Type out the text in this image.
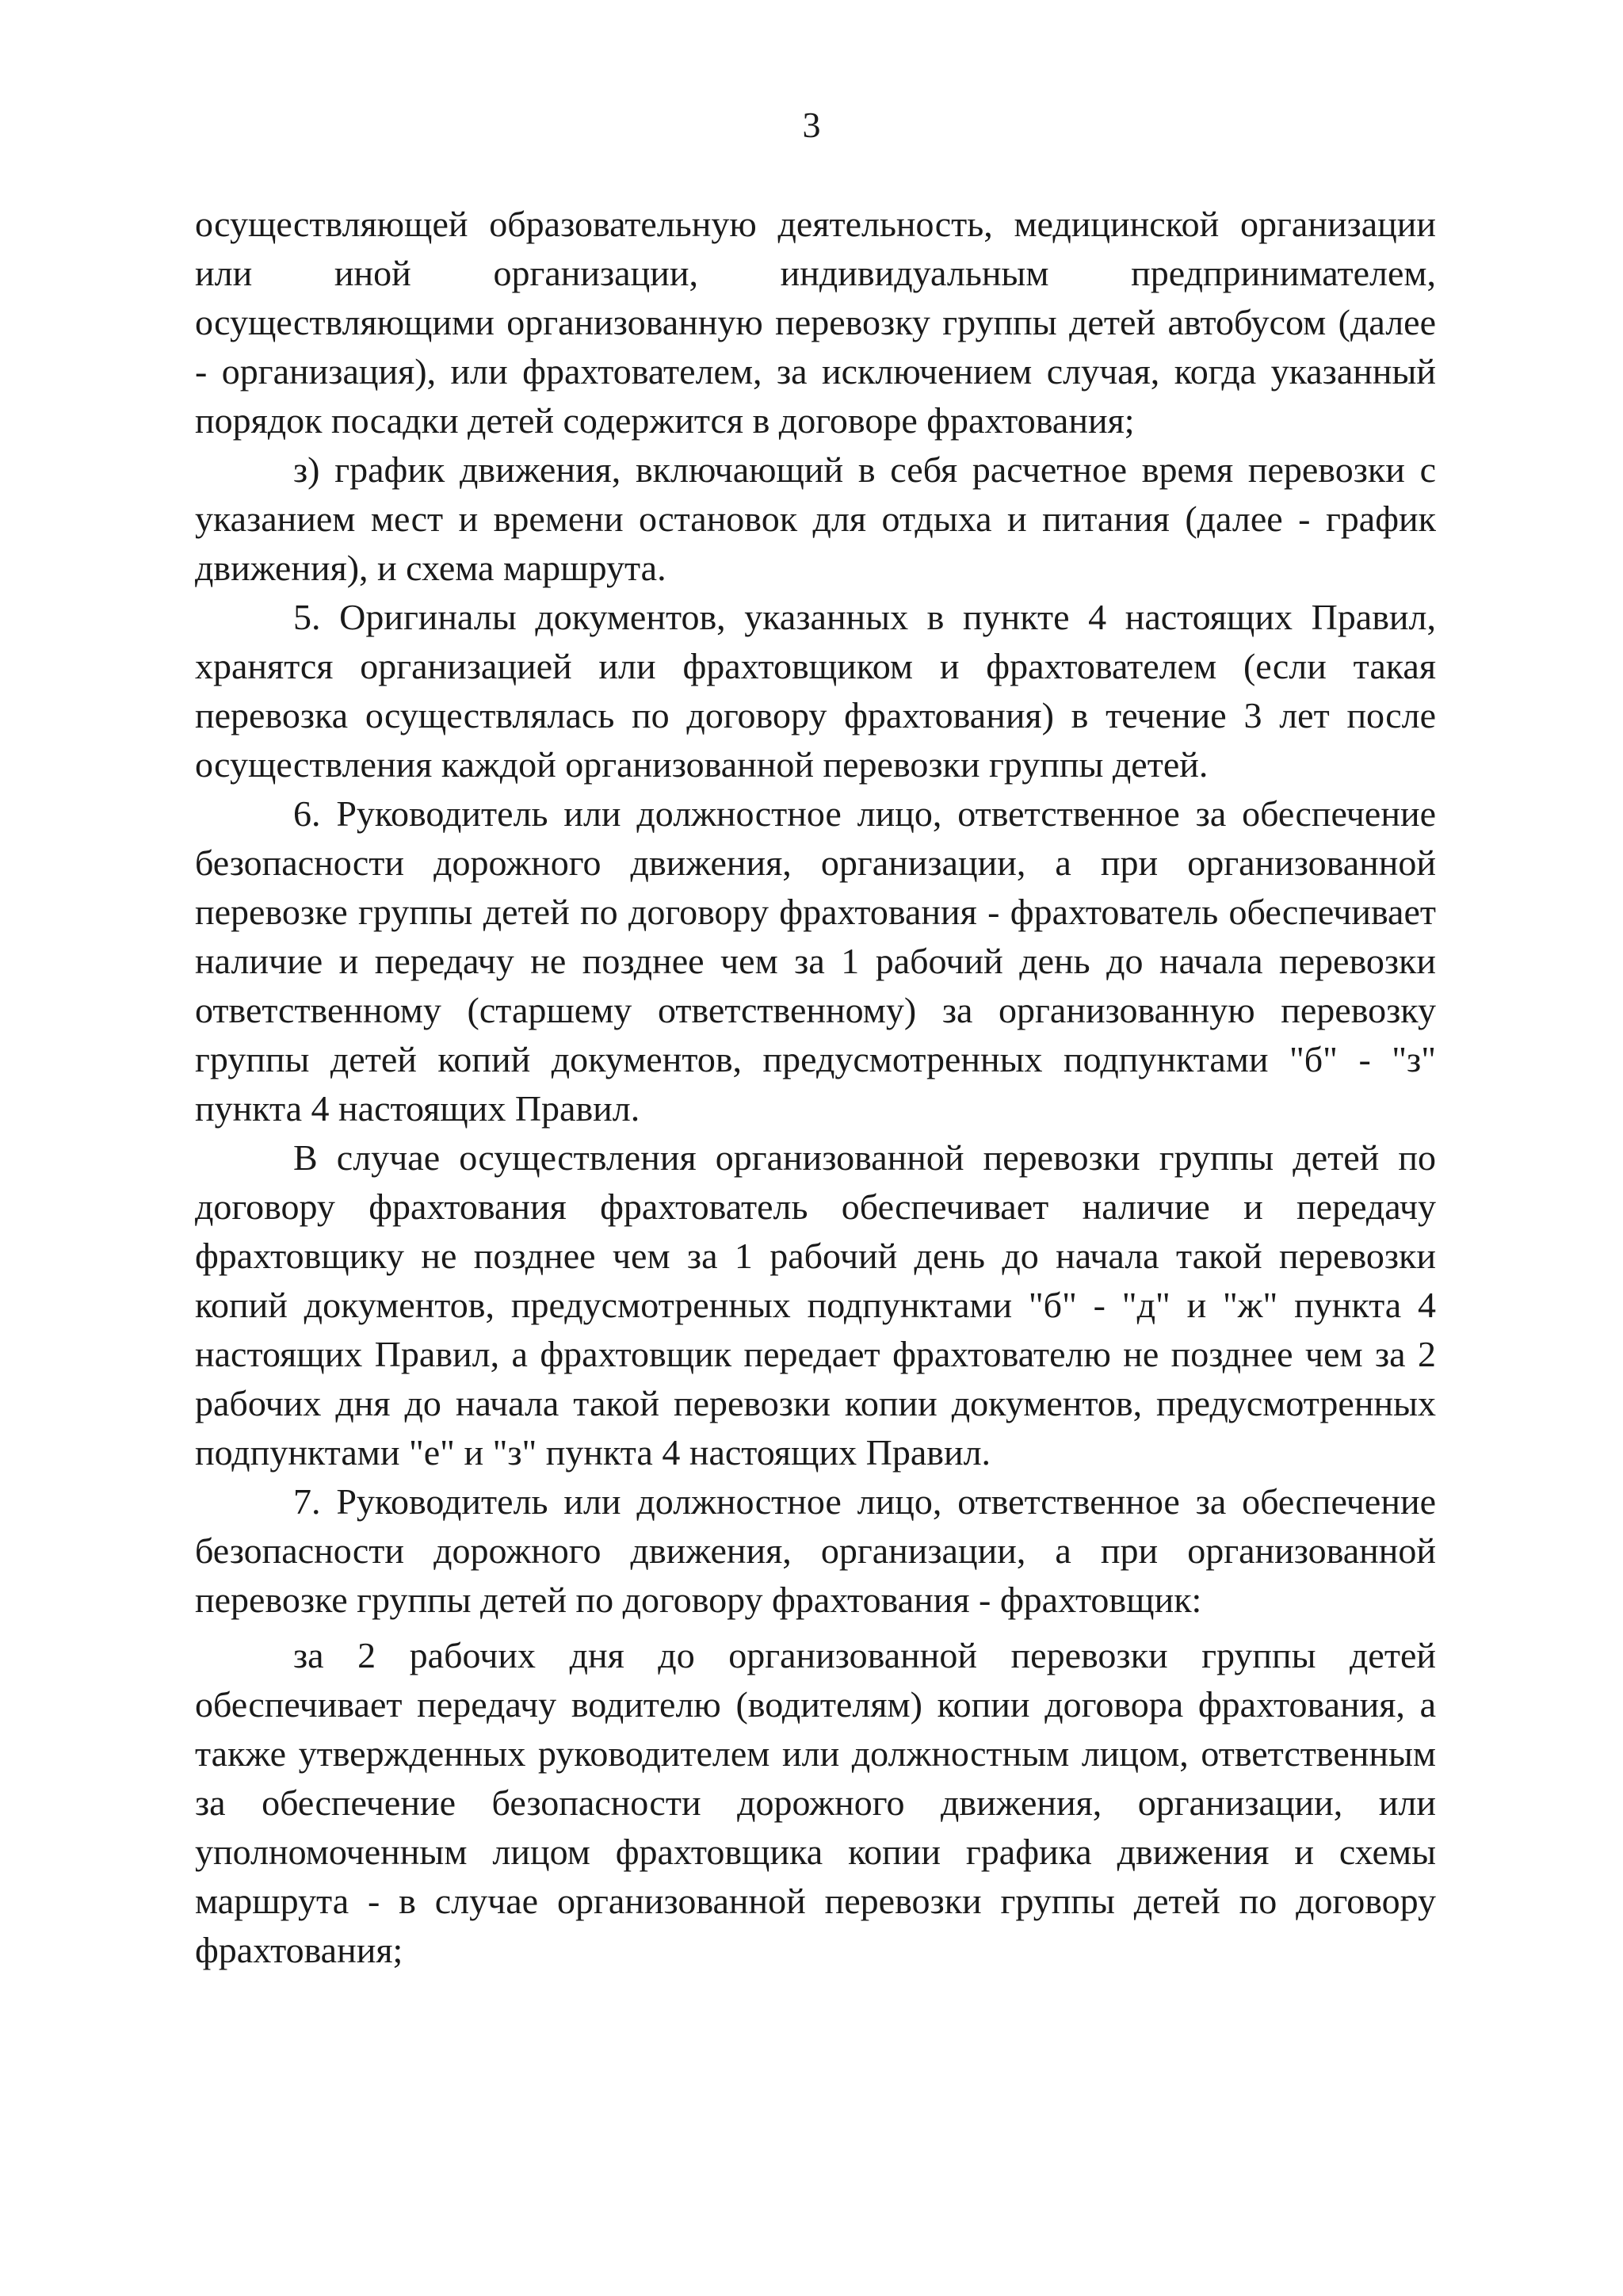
3

осуществляющей образовательную деятельность, медицинской организации или иной организации, индивидуальным предпринимателем, осуществляющими организованную перевозку группы детей автобусом (далее - организация), или фрахтователем, за исключением случая, когда указанный порядок посадки детей содержится в договоре фрахтования;

з) график движения, включающий в себя расчетное время перевозки с указанием мест и времени остановок для отдыха и питания (далее - график движения), и схема маршрута.

5. Оригиналы документов, указанных в пункте 4 настоящих Правил, хранятся организацией или фрахтовщиком и фрахтователем (если такая перевозка осуществлялась по договору фрахтования) в течение 3 лет после осуществления каждой организованной перевозки группы детей.

6. Руководитель или должностное лицо, ответственное за обеспечение безопасности дорожного движения, организации, а при организованной перевозке группы детей по договору фрахтования - фрахтователь обеспечивает наличие и передачу не позднее чем за 1 рабочий день до начала перевозки ответственному (старшему ответственному) за организованную перевозку группы детей копий документов, предусмотренных подпунктами "б" - "з" пункта 4 настоящих Правил.

В случае осуществления организованной перевозки группы детей по договору фрахтования фрахтователь обеспечивает наличие и передачу фрахтовщику не позднее чем за 1 рабочий день до начала такой перевозки копий документов, предусмотренных подпунктами "б" - "д" и "ж" пункта 4 настоящих Правил, а фрахтовщик передает фрахтователю не позднее чем за 2 рабочих дня до начала такой перевозки копии документов, предусмотренных подпунктами "е" и "з" пункта 4 настоящих Правил.

7. Руководитель или должностное лицо, ответственное за обеспечение безопасности дорожного движения, организации, а при организованной перевозке группы детей по договору фрахтования - фрахтовщик:

за 2 рабочих дня до организованной перевозки группы детей обеспечивает передачу водителю (водителям) копии договора фрахтования, а также утвержденных руководителем или должностным лицом, ответственным за обеспечение безопасности дорожного движения, организации, или уполномоченным лицом фрахтовщика копии графика движения и схемы маршрута - в случае организованной перевозки группы детей по договору фрахтования;
